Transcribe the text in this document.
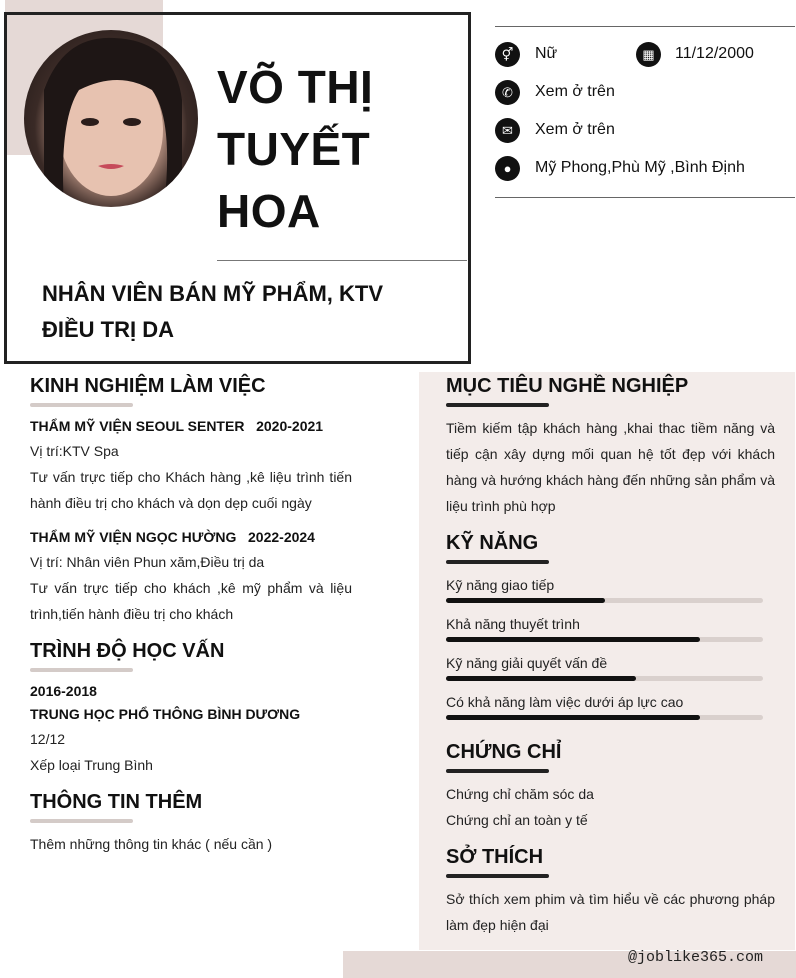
VÕ THỊ
TUYẾT
HOA
NHÂN VIÊN BÁN MỸ PHẨM, KTV
ĐIỀU TRỊ DA
⚥	Nữ	▦	11/12/2000
✆	Xem ở trên
✉	Xem ở trên
●	Mỹ Phong,Phù Mỹ ,Bình Định
KINH NGHIỆM LÀM VIỆC
THẨM MỸ VIỆN SEOUL SENTER 2020-2021
Vị trí:KTV Spa
Tư vấn trực tiếp cho Khách hàng ,kê liệu trình tiến
hành điều trị cho khách và dọn dẹp cuối ngày
THẨM MỸ VIỆN NGỌC HƯỜNG 2022-2024
Vị trí: Nhân viên Phun xăm,Điều trị da
Tư vấn trực tiếp cho khách ,kê mỹ phẩm và liệu
trình,tiến hành điều trị cho khách
TRÌNH ĐỘ HỌC VẤN
2016-2018
TRUNG HỌC PHỔ THÔNG BÌNH DƯƠNG
12/12
Xếp loại Trung Bình
THÔNG TIN THÊM
Thêm những thông tin khác ( nếu cần )
MỤC TIÊU NGHỀ NGHIỆP
Tiềm kiếm tập khách hàng ,khai thac tiềm năng và
tiếp cận xây dựng mối quan hệ tốt đẹp với khách
hàng và hướng khách hàng đến những sản phẩm và
liệu trình phù hợp
KỸ NĂNG
Kỹ năng giao tiếp
Khả năng thuyết trình
Kỹ năng giải quyết vấn đề
Có khả năng làm việc dưới áp lực cao
CHỨNG CHỈ
Chứng chỉ chăm sóc da
Chứng chỉ an toàn y tế
SỞ THÍCH
Sở thích xem phim và tìm hiểu về các phương pháp
làm đẹp hiện đại
@joblike365.com
